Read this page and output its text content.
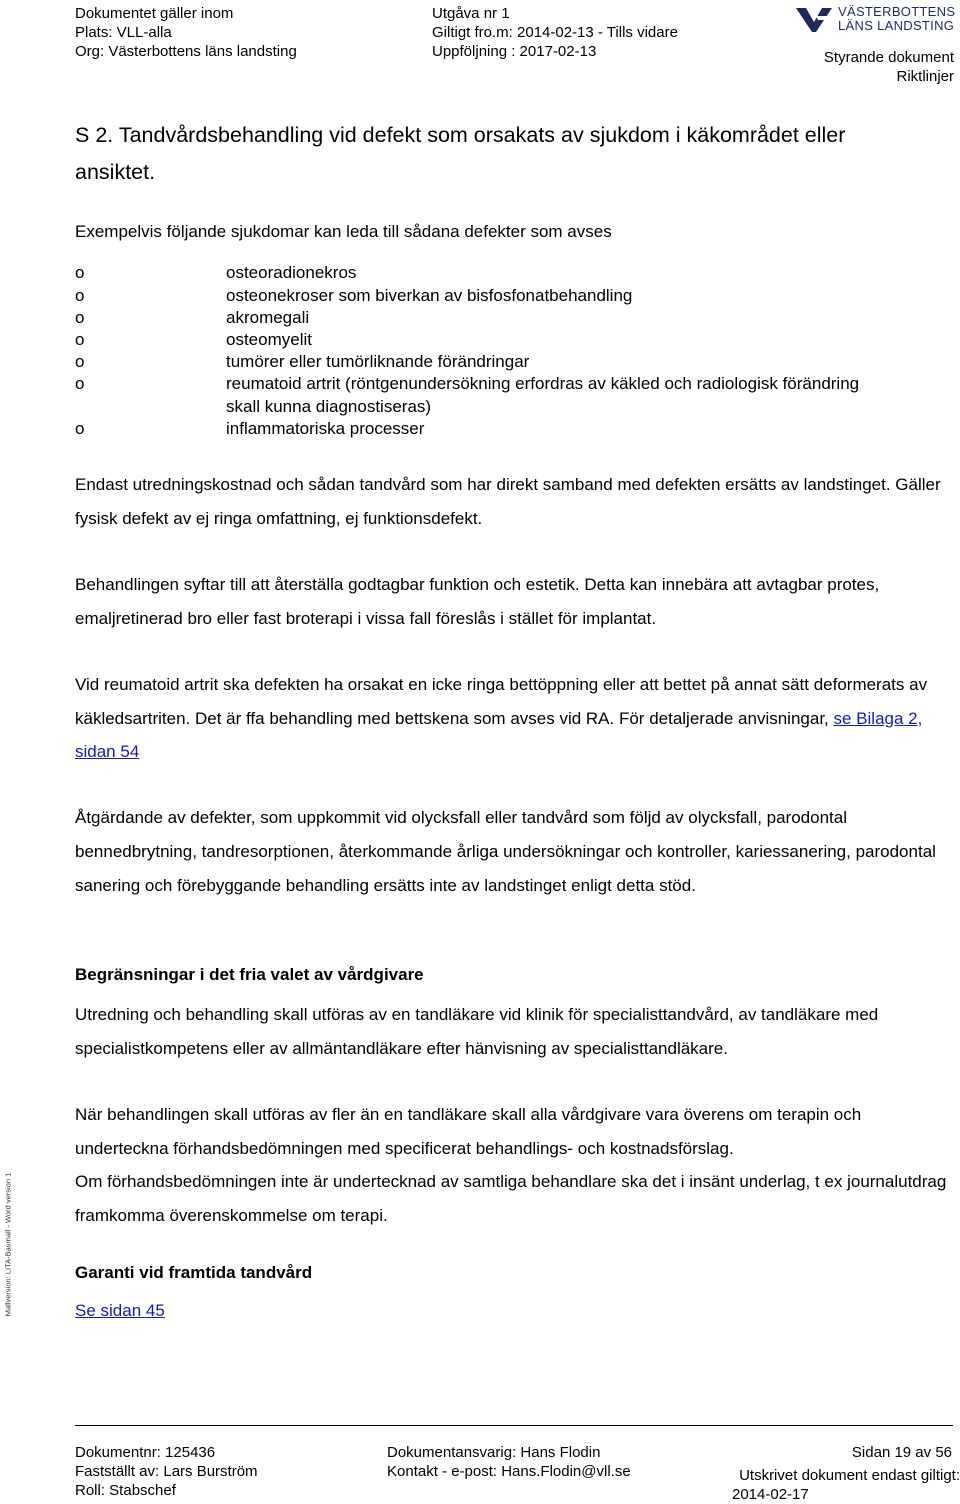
Dokumentet gäller inom
Plats: VLL-alla
Org: Västerbottens läns landsting
Utgåva nr 1
Giltigt fro.m: 2014-02-13 - Tills vidare
Uppföljning : 2017-02-13
VÄSTERBOTTENS
LÄNS LANDSTING
Styrande dokument
Riktlinjer
S 2. Tandvårdsbehandling vid defekt som orsakats av sjukdom i käkområdet eller
ansiktet.
Exempelvis följande sjukdomar kan leda till sådana defekter som avses
o	osteoradionekros
o	osteonekroser som biverkan av bisfosfonatbehandling
o	akromegali
o	osteomyelit
o	tumörer eller tumörliknande förändringar
o	reumatoid artrit (röntgenundersökning erfordras av käkled och radiologisk förändring
skall kunna diagnostiseras)
o	inflammatoriska processer
Endast utredningskostnad och sådan tandvård som har direkt samband med defekten ersätts av landstinget. Gäller fysisk defekt av ej ringa omfattning, ej funktionsdefekt.
Behandlingen syftar till att återställa godtagbar funktion och estetik. Detta kan innebära att avtagbar protes, emaljretinerad bro eller fast broterapi i vissa fall föreslås i stället för implantat.
Vid reumatoid artrit ska defekten ha orsakat en icke ringa bettöppning eller att bettet på annat sätt deformerats av käkledsartriten. Det är ffa behandling med bettskena som avses vid RA. För detaljerade anvisningar, se Bilaga 2, sidan 54
Åtgärdande av defekter, som uppkommit vid olycksfall eller tandvård som följd av olycksfall, parodontal bennedbrytning, tandresorptionen, återkommande årliga undersökningar och kontroller, kariessanering, parodontal sanering och förebyggande behandling ersätts inte av landstinget enligt detta stöd.
Begränsningar i det fria valet av vårdgivare
Utredning och behandling skall utföras av en tandläkare vid klinik för specialisttandvård, av tandläkare med specialistkompetens eller av allmäntandläkare efter hänvisning av specialisttandläkare.
När behandlingen skall utföras av fler än en tandläkare skall alla vårdgivare vara överens om terapin och underteckna förhandsbedömningen med specificerat behandlings- och kostnadsförslag.
Om förhandsbedömningen inte är undertecknad av samtliga behandlare ska det i insänt underlag, t ex journalutdrag framkomma överenskommelse om terapi.
Garanti vid framtida tandvård
Se sidan 45
Mallversion: LITA-Basmall - Word version 1
Dokumentnr: 125436
Fastställt av: Lars Burström
Roll: Stabschef
Dokumentansvarig: Hans Flodin
Kontakt - e-post: Hans.Flodin@vll.se
Sidan 19 av 56
Utskrivet dokument endast giltigt:
2014-02-17
